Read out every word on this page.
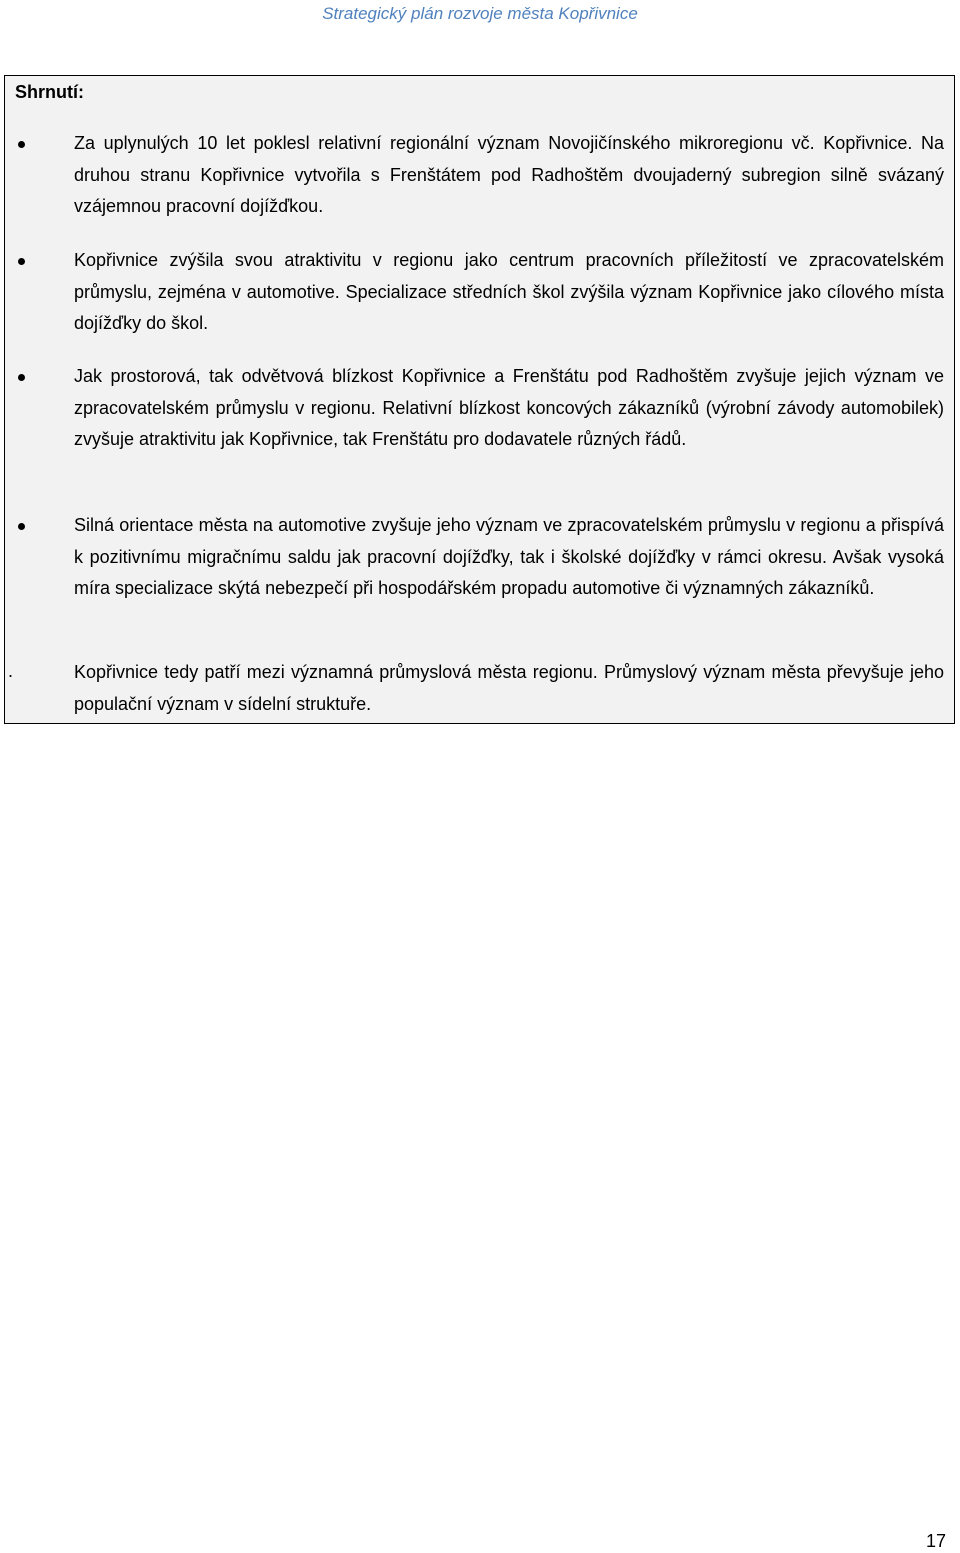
Strategický plán rozvoje města Kopřivnice
Shrnutí:
Za uplynulých 10 let poklesl relativní regionální význam Novojičínského mikroregionu vč. Kopřivnice. Na druhou stranu Kopřivnice vytvořila s Frenštátem pod Radhoštěm dvoujaderný subregion silně svázaný vzájemnou pracovní dojížďkou.
Kopřivnice zvýšila svou atraktivitu v regionu jako centrum pracovních příležitostí ve zpracovatelském průmyslu, zejména v automotive. Specializace středních škol zvýšila význam Kopřivnice jako cílového místa dojížďky do škol.
Jak prostorová, tak odvětvová blízkost Kopřivnice a Frenštátu pod Radhoštěm zvyšuje jejich význam ve zpracovatelském průmyslu v regionu. Relativní blízkost koncových zákazníků (výrobní závody automobilek) zvyšuje atraktivitu jak Kopřivnice, tak Frenštátu pro dodavatele různých řádů.
Silná orientace města na automotive zvyšuje jeho význam ve zpracovatelském průmyslu v regionu a přispívá k pozitivnímu migračnímu saldu jak pracovní dojížďky, tak i školské dojížďky v rámci okresu. Avšak vysoká míra specializace skýtá nebezpečí při hospodářském propadu automotive či významných zákazníků.
.	Kopřivnice tedy patří mezi významná průmyslová města regionu. Průmyslový význam města převyšuje jeho populační význam v sídelní struktuře.
17
